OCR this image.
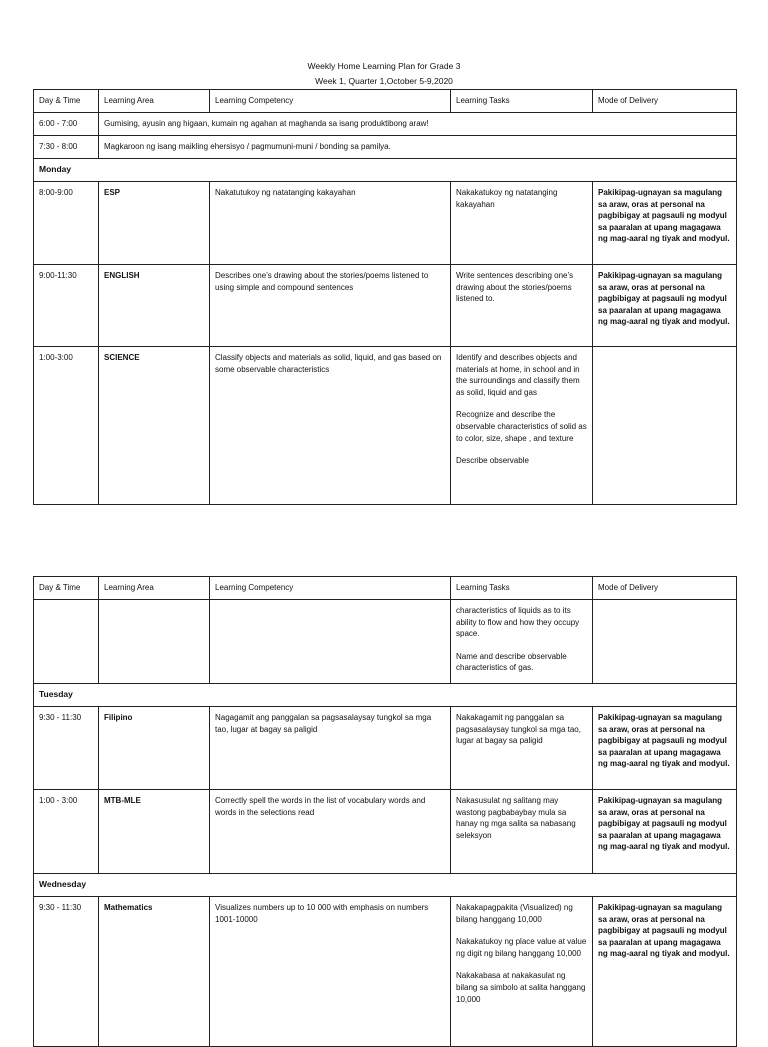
Weekly Home Learning Plan for Grade 3
Week 1, Quarter 1,October 5-9,2020
Day & Time	Learning Area	Learning Competency	Learning Tasks	Mode of Delivery
6:00 - 7:00	Gumising, ayusin ang higaan, kumain ng agahan at maghanda sa isang produktibong araw!			
7:30 - 8:00	Magkaroon ng isang maikling ehersisyo / pagmumuni-muni / bonding sa pamilya.			
Monday				
8:00-9:00	ESP	Nakatutukoy ng natatanging kakayahan	Nakakatukoy ng natatanging kakayahan	Pakikipag-ugnayan sa magulang sa araw, oras at personal na pagbibigay at pagsauli ng modyul sa paaralan at upang magagawa ng mag-aaral ng tiyak and modyul.
9:00-11:30	ENGLISH	Describes one’s drawing about the stories/poems listened to using simple and compound sentences	Write sentences describing one’s drawing about the stories/poems listened to.	Pakikipag-ugnayan sa magulang sa araw, oras at personal na pagbibigay at pagsauli ng modyul sa paaralan at upang magagawa ng mag-aaral ng tiyak and modyul.
1:00-3:00	SCIENCE	Classify objects and materials as solid, liquid, and gas based on some observable characteristics	Identify and describes objects and materials at home, in school and in the surroundings and classify them as solid, liquid and gas

Recognize and describe the observable characteristics of solid as to color, size, shape , and texture

Describe observable	

Day & Time	Learning Area	Learning Competency	Learning Tasks	Mode of Delivery

			characteristics of liquids as to its ability to flow and how they occupy space.

Name and describe observable characteristics of gas.	

Tuesday				
9:30 - 11:30	Filipino	Nagagamit ang panggalan sa pagsasalaysay tungkol sa mga tao, lugar at bagay sa paligid	Nakakagamit ng panggalan sa pagsasalaysay tungkol sa mga tao, lugar at bagay sa paligid	Pakikipag-ugnayan sa magulang sa araw, oras at personal na pagbibigay at pagsauli ng modyul sa paaralan at upang magagawa ng mag-aaral ng tiyak and modyul.
1:00 - 3:00	MTB-MLE	Correctly spell the words in the list of vocabulary words and words in the selections read	Nakasusulat ng salitang may wastong pagbabaybay mula sa hanay ng mga salita sa nabasang seleksyon	Pakikipag-ugnayan sa magulang sa araw, oras at personal na pagbibigay at pagsauli ng modyul sa paaralan at upang magagawa ng mag-aaral ng tiyak and modyul.
Wednesday				
9:30 - 11:30	Mathematics	Visualizes numbers up to 10 000 with emphasis on numbers 1001-10000	Nakakapagpakita (Visualized) ng bilang hanggang 10,000

Nakakatukoy ng place value at value ng digit ng bilang hanggang 10,000

Nakakabasa at nakakasulat ng bilang sa simbolo at salita hanggang 10,000	Pakikipag-ugnayan sa magulang sa araw, oras at personal na pagbibigay at pagsauli ng modyul sa paaralan at upang magagawa ng mag-aaral ng tiyak and modyul.
